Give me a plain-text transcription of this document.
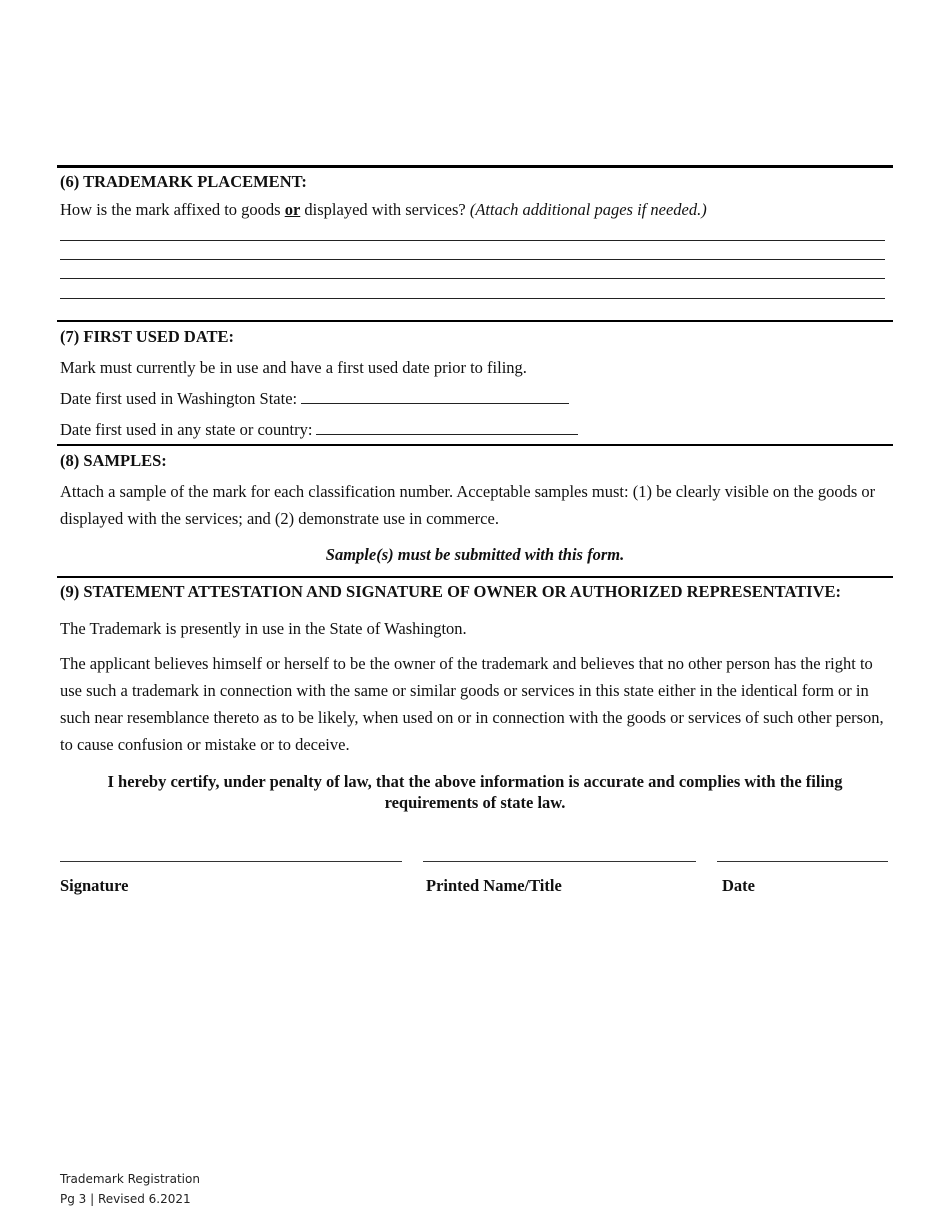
(6) TRADEMARK PLACEMENT:
How is the mark affixed to goods or displayed with services? (Attach additional pages if needed.)
(7) FIRST USED DATE:
Mark must currently be in use and have a first used date prior to filing.
Date first used in Washington State:
Date first used in any state or country:
(8) SAMPLES:
Attach a sample of the mark for each classification number. Acceptable samples must: (1) be clearly visible on the goods or displayed with the services; and (2) demonstrate use in commerce.
Sample(s) must be submitted with this form.
(9) STATEMENT ATTESTATION AND SIGNATURE OF OWNER OR AUTHORIZED REPRESENTATIVE:
The Trademark is presently in use in the State of Washington.
The applicant believes himself or herself to be the owner of the trademark and believes that no other person has the right to use such a trademark in connection with the same or similar goods or services in this state either in the identical form or in such near resemblance thereto as to be likely, when used on or in connection with the goods or services of such other person, to cause confusion or mistake or to deceive.
I hereby certify, under penalty of law, that the above information is accurate and complies with the filing requirements of state law.
Signature	Printed Name/Title	Date
Trademark Registration
Pg 3 | Revised 6.2021
